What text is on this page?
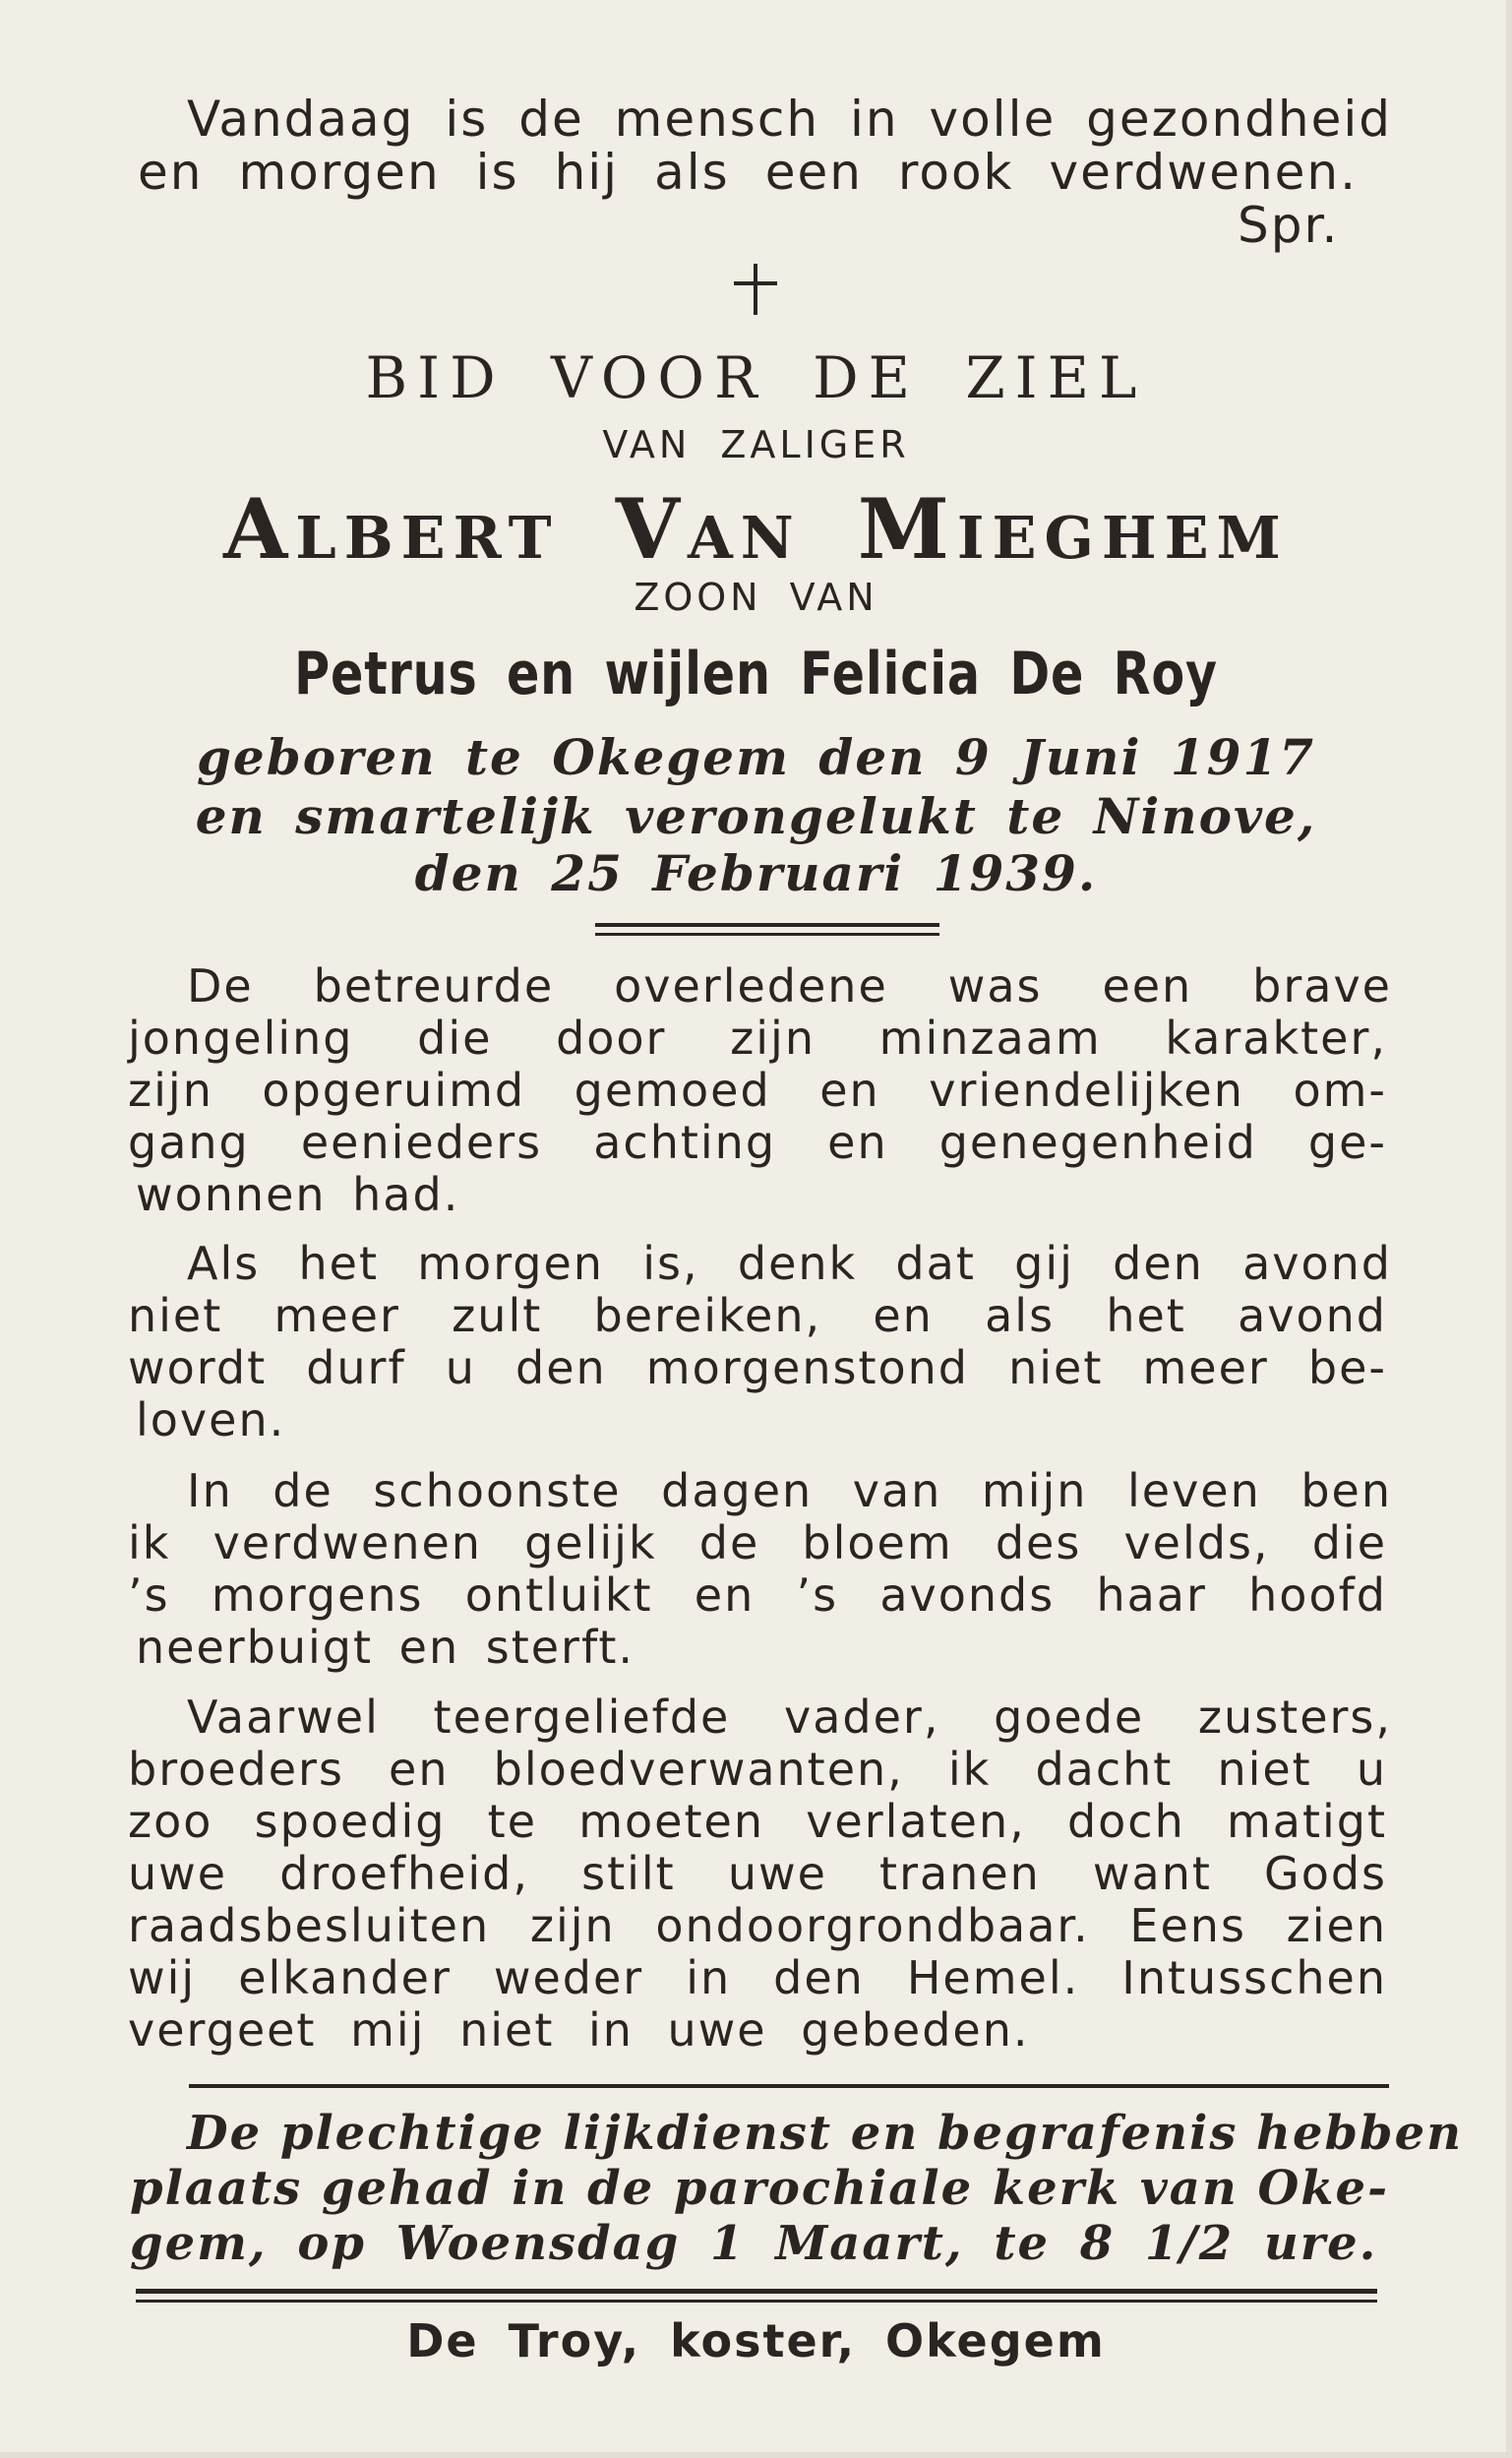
Vandaag is de mensch in volle gezondheid
en morgen is hij als een rook verdwenen.
Spr.
BID VOOR DE ZIEL
VAN ZALIGER
Albert Van Mieghem
ZOON VAN
Petrus en wijlen Felicia De Roy
geboren te Okegem den 9 Juni 1917
en smartelijk verongelukt te Ninove,
den 25 Februari 1939.
De betreurde overledene was een brave
jongeling die door zijn minzaam karakter,
zijn opgeruimd gemoed en vriendelijken om-
gang eenieders achting en genegenheid ge-
wonnen had.
Als het morgen is, denk dat gij den avond
niet meer zult bereiken, en als het avond
wordt durf u den morgenstond niet meer be-
loven.
In de schoonste dagen van mijn leven ben
ik verdwenen gelijk de bloem des velds, die
’s morgens ontluikt en ’s avonds haar hoofd
neerbuigt en sterft.
Vaarwel teergeliefde vader, goede zusters,
broeders en bloedverwanten, ik dacht niet u
zoo spoedig te moeten verlaten, doch matigt
uwe droefheid, stilt uwe tranen want Gods
raadsbesluiten zijn ondoorgrondbaar. Eens zien
wij elkander weder in den Hemel. Intusschen
vergeet mij niet in uwe gebeden.
De plechtige lijkdienst en begrafenis hebben
plaats gehad in de parochiale kerk van Oke-
gem, op Woensdag 1 Maart, te 8 1/2 ure.
De Troy, koster, Okegem
